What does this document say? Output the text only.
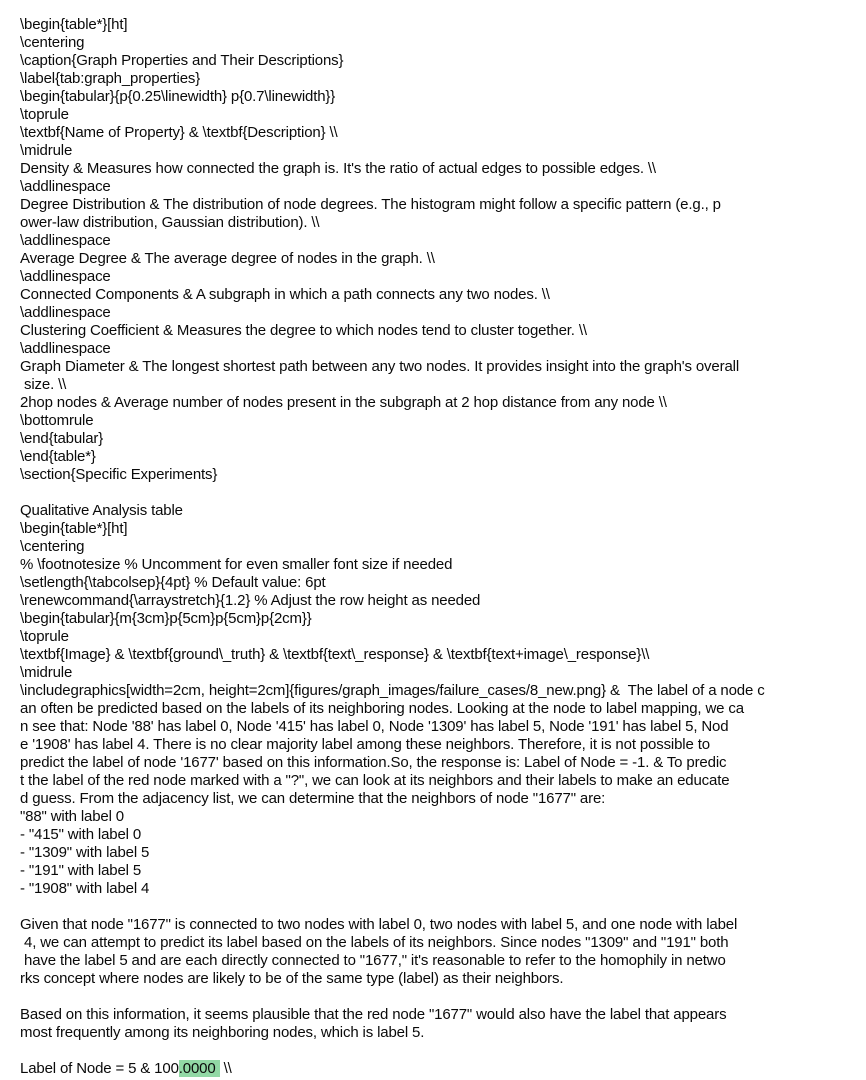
\begin{table*}[ht]
\centering
\caption{Graph Properties and Their Descriptions}
\label{tab:graph_properties}
\begin{tabular}{p{0.25\linewidth} p{0.7\linewidth}}
\toprule
\textbf{Name of Property} & \textbf{Description} \\
\midrule
Density & Measures how connected the graph is. It's the ratio of actual edges to possible edges. \\
\addlinespace
Degree Distribution & The distribution of node degrees. The histogram might follow a specific pattern (e.g., p
ower-law distribution, Gaussian distribution). \\
\addlinespace
Average Degree & The average degree of nodes in the graph. \\
\addlinespace
Connected Components & A subgraph in which a path connects any two nodes. \\
\addlinespace
Clustering Coefficient & Measures the degree to which nodes tend to cluster together. \\
\addlinespace
Graph Diameter & The longest shortest path between any two nodes. It provides insight into the graph's overall
size. \\
2hop nodes & Average number of nodes present in the subgraph at 2 hop distance from any node \\
\bottomrule
\end{tabular}
\end{table*}
\section{Specific Experiments}
Qualitative Analysis table
\begin{table*}[ht]
\centering
% \footnotesize % Uncomment for even smaller font size if needed
\setlength{\tabcolsep}{4pt} % Default value: 6pt
\renewcommand{\arraystretch}{1.2} % Adjust the row height as needed
\begin{tabular}{m{3cm}p{5cm}p{5cm}p{2cm}}
\toprule
\textbf{Image} & \textbf{ground\_truth} & \textbf{text\_response} & \textbf{text+image\_response}\\
\midrule
\includegraphics[width=2cm, height=2cm]{figures/graph_images/failure_cases/8_new.png} &  The label of a node c
an often be predicted based on the labels of its neighboring nodes. Looking at the node to label mapping, we ca
n see that: Node '88' has label 0, Node '415' has label 0, Node '1309' has label 5, Node '191' has label 5, Nod
e '1908' has label 4. There is no clear majority label among these neighbors. Therefore, it is not possible to
predict the label of node '1677' based on this information.So, the response is: Label of Node = -1. & To predic
t the label of the red node marked with a "?", we can look at its neighbors and their labels to make an educate
d guess. From the adjacency list, we can determine that the neighbors of node "1677" are:
"88" with label 0
- "415" with label 0
- "1309" with label 5
- "191" with label 5
- "1908" with label 4
Given that node "1677" is connected to two nodes with label 0, two nodes with label 5, and one node with label
4, we can attempt to predict its label based on the labels of its neighbors. Since nodes "1309" and "191" both
have the label 5 and are each directly connected to "1677," it's reasonable to refer to the homophily in netwo
rks concept where nodes are likely to be of the same type (label) as their neighbors.
Based on this information, it seems plausible that the red node "1677" would also have the label that appears
most frequently among its neighboring nodes, which is label 5.
Label of Node = 5 & 100.0000  \\
